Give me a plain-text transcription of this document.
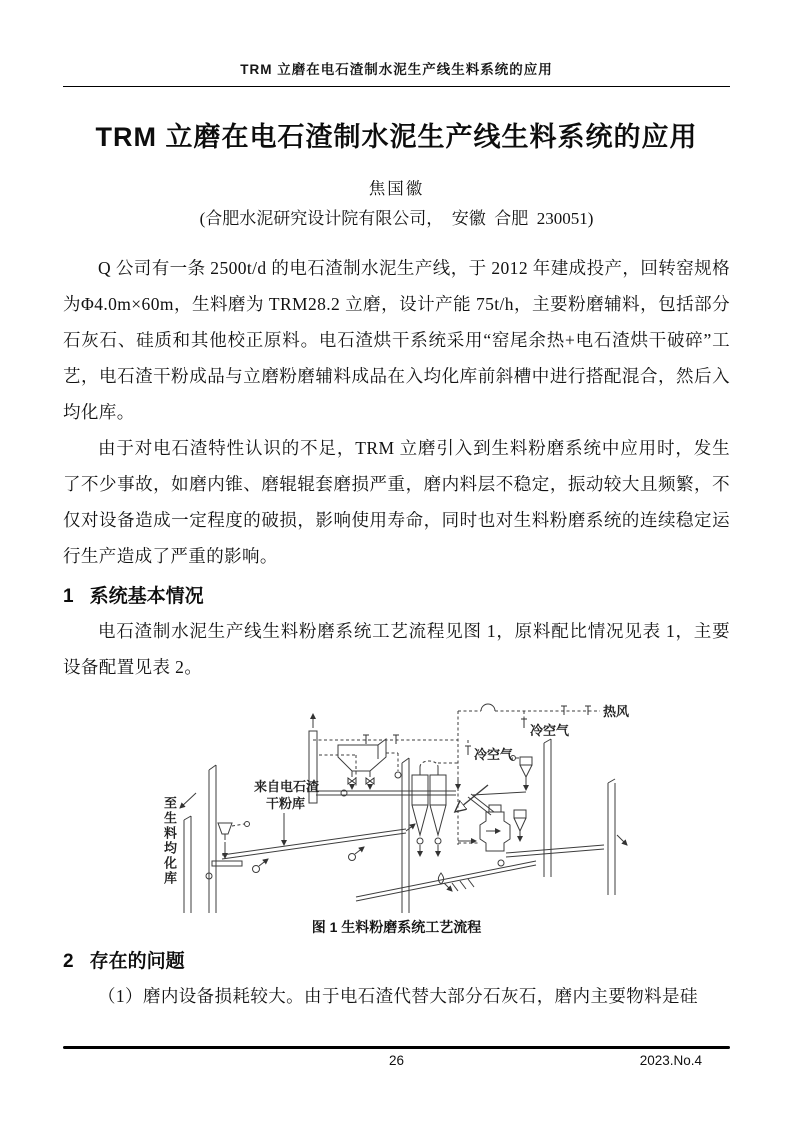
TRM 立磨在电石渣制水泥生产线生料系统的应用
TRM 立磨在电石渣制水泥生产线生料系统的应用
焦国徽
(合肥水泥研究设计院有限公司，  安徽  合肥  230051)

Q 公司有一条 2500t/d 的电石渣制水泥生产线，于 2012 年建成投产，回转窑规格为Φ4.0m×60m，生料磨为 TRM28.2 立磨，设计产能 75t/h，主要粉磨辅料，包括部分石灰石、硅质和其他校正原料。电石渣烘干系统采用“窑尾余热+电石渣烘干破碎”工艺，电石渣干粉成品与立磨粉磨辅料成品在入均化库前斜槽中进行搭配混合，然后入均化库。

由于对电石渣特性认识的不足，TRM 立磨引入到生料粉磨系统中应用时，发生了不少事故，如磨内锥、磨辊辊套磨损严重，磨内料层不稳定，振动较大且频繁，不仅对设备造成一定程度的破损，影响使用寿命，同时也对生料粉磨系统的连续稳定运行生产造成了严重的影响。

1 系统基本情况

电石渣制水泥生产线生料粉磨系统工艺流程见图 1，原料配比情况见表 1，主要设备配置见表 2。

至生料均化库
热风
冷空气
冷空气
来自电石渣
干粉库
图 1 生料粉磨系统工艺流程
2 存在的问题

（1）磨内设备损耗较大。由于电石渣代替大部分石灰石，磨内主要物料是硅

26	2023.No.4
